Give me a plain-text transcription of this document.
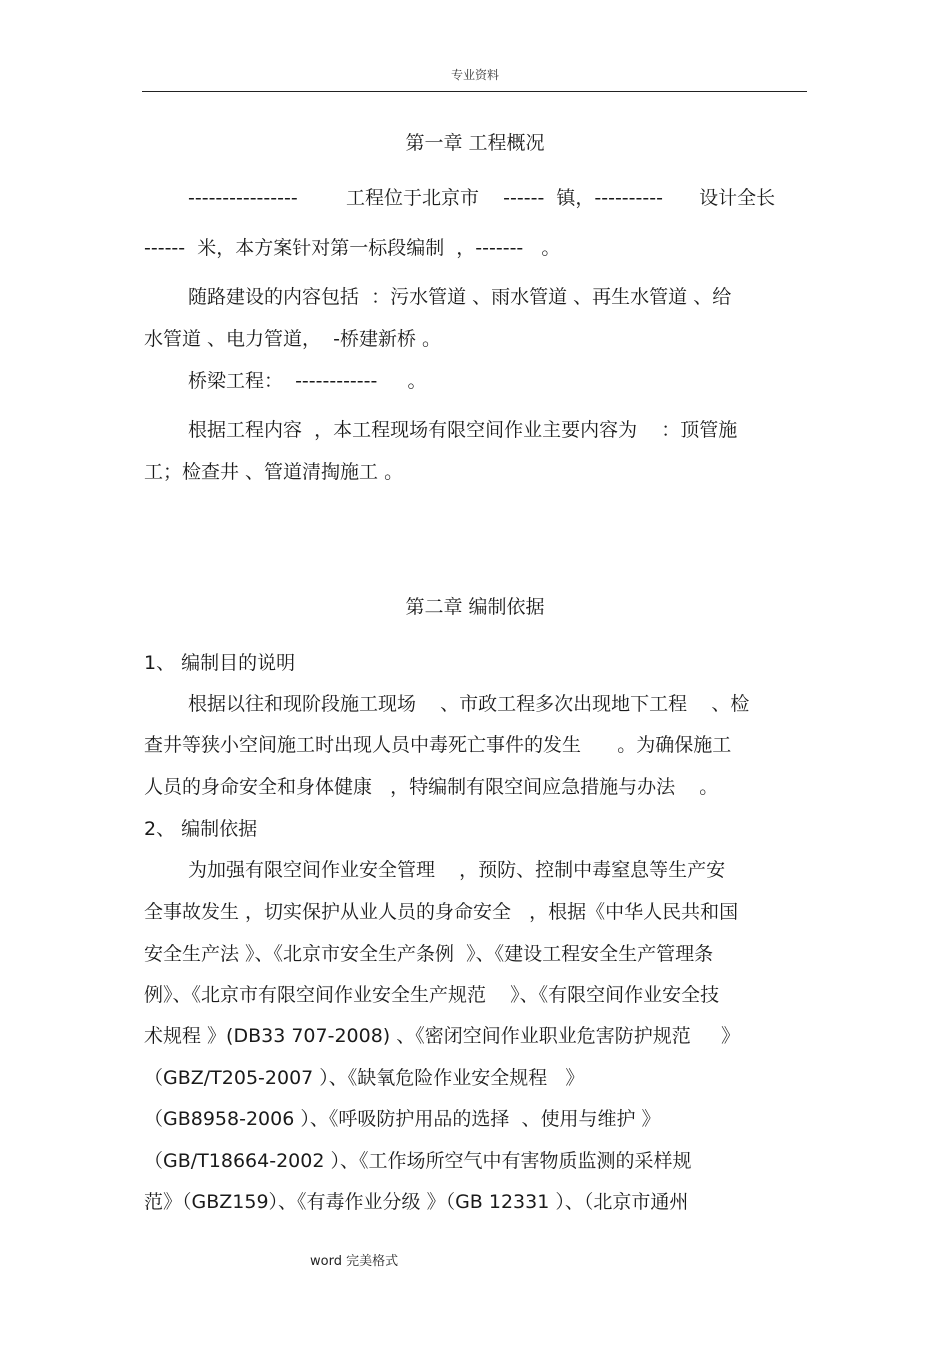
专业资料
第一章 工程概况
----------------        工程位于北京市    ------  镇，----------      设计全长
------  米，本方案针对第一标段编制  ，-------   。
随路建设的内容包括  ：污水管道 、雨水管道 、再生水管道 、给
水管道 、电力管道，  -桥建新桥 。
桥梁工程：  ------------     。
根据工程内容  ，本工程现场有限空间作业主要内容为    ：顶管施
工；检查井 、管道清掏施工 。
第二章 编制依据
1、 编制目的说明
根据以往和现阶段施工现场    、市政工程多次出现地下工程    、检
查井等狭小空间施工时出现人员中毒死亡事件的发生      。为确保施工
人员的身命安全和身体健康   ，特编制有限空间应急措施与办法    。
2、 编制依据
为加强有限空间作业安全管理    ，预防、控制中毒窒息等生产安
全事故发生 ，切实保护从业人员的身命安全   ，根据《中华人民共和国
安全生产法 》、《北京市安全生产条例  》、《建设工程安全生产管理条
例》、《北京市有限空间作业安全生产规范    》、《有限空间作业安全技
术规程 》(DB33 707-2008) 、《密闭空间作业职业危害防护规范     》
（GBZ/T205-2007 ）、《缺氧危险作业安全规程   》
（GB8958-2006 ）、《呼吸防护用品的选择  、使用与维护 》
（GB/T18664-2002 ）、《工作场所空气中有害物质监测的采样规
范》（GBZ159）、《有毒作业分级 》（GB 12331 ）、（北京市通州
word 完美格式
